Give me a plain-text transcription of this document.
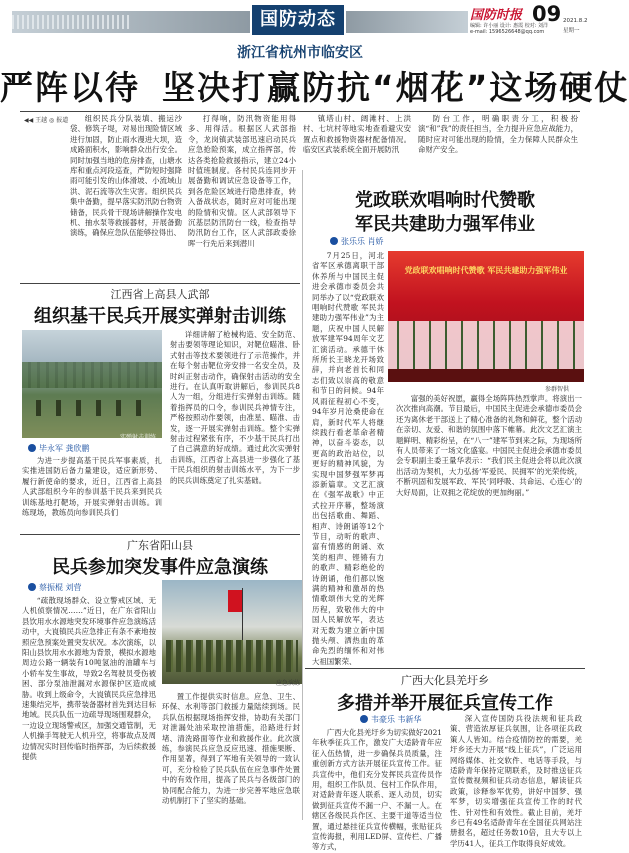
国防动态	国防时报 09 2021.8.2
星期一
编辑: 许小丽 设计: 惠霞 校对: 刘洋
e-mail: 1596526648@qq.com
浙江省杭州市临安区
严阵以待 坚决打赢防抗“烟花”这场硬仗
◀◀ 王越 ◎ 报道	组织民兵分队装填、搬运沙袋、修筑子堤，对易出现险情区域进行加固，防止雨水漫进大坝，造成路面积水，影响群众出行安全。同时加强当地的危房排查，山塘水库和重点河段巡查，严防短时强降雨可能引发的山体滑坡、小流域山洪、泥石流等次生灾害。组织民兵集中备勤，提早落实防汛防台物资储备，民兵骨干现场讲解操作发电机、抽水泵等救援器材，开展备勤演练，确保应急队伍能够拉得出、

打得响，防汛物资能用得多、用得活。根据区人武部指令，龙岗镇武装部迅速启动民兵应急抢险预案，成立指挥部，传达各类抢险救援指示，建立24小时值班制度。各村民兵连同步开展备勤和调试应急设备等工作，到各危险区域进行隐患排查，转入备战状态，随时应对可能出现的险情和灾情。区人武部领导下沉基层防汛防台一线，检查指导防汛防台工作，区人武部政委徐晖一行先后来到潜川

镇塔山村、阔滩村、上洪村、七坑村等地实地查看避灾安置点和救援物资器材配备情况。临安区武装系统全面开展防汛

防台工作，明确职责分工，积极扮演“和”我”的责任担当，全力提升应急应战能力，随时应对可能出现的险情，全力保障人民群众生命财产安全。

党政联欢唱响时代赞歌
军民共建助力强军伟业
张乐乐 肖娇
党政联欢唱响时代赞歌 军民共建助力强军伟业
参群智供

7月25日，河北省军区承德离职干部休养所与中国民主促进会承德市委员会共同举办了以“党政联欢唱响时代赞歌 军民共建助力强军伟业”为主题，庆祝中国人民解放军建军94周年文艺汇演活动。承德干休所所长王晓龙开场致辞，并向老首长和同志们致以崇高的敬意和节日的问候。94年风雨征程初心不变，94年岁月沧桑使命在肩，新时代军人将继续践行看老革命者精神，以奋斗姿态，以更高的政治站位，以更好的精神风貌，为实现中国梦强军梦再添新篇章。文艺汇演在《强军战歌》中正式拉开序幕，整场演出包括歌曲、舞蹈、相声、诗朗诵等12个节目，动听的歌声、富有情感的朗诵、欢笑的相声、铿锵有力的歌声、精彩绝伦的诗朗诵，他们都以饱满的精神和激昂的热情歌颂伟大党的光辉历程，致敬伟大的中国人民解放军，表达对无数为建立新中国抛头颅、洒热血的革命先烈的缅怀和对伟大祖国繁荣、

富强的美好祝愿，赢得全场阵阵热烈掌声。将演出一次次推向高潮。节目最后，中国民主促进会承德市委员会还为离休老干部送上了精心准备的礼物和鲜花，整个活动在亲切、友爱、和谐的氛围中落下帷幕。此次文艺汇演主题鲜明、精彩纷呈，在“八一”建军节到来之际，为现场所有人员带来了一场文化盛宴。中国民主促进会承德市委员会专职副主委王量华表示：“我们民主促进会将以此次演出活动为契机，大力弘扬‘军爱民、民拥军’的光荣传统，不断巩固和发展军政、军民‘同呼吸、共命运、心连心’的大好局面，让双拥之花绽放的更加绚丽。”

江西省上高县人武部
组织基干民兵开展实弹射击训练
实弹射击训练
毕永军 龚欣鹏

为进一步提高基干民兵军事素质，扎实推进国防后备力量建设，适应新形势、履行新使命的要求，近日，江西省上高县人武部组织今年的参训基干民兵来到民兵训练基地打靶场，开展实弹射击训练。训练现场，教练员向参训民兵们

详细讲解了枪械构造、安全防范、射击要领等理论知识，对靶位瞄准、卧式射击等技术要领进行了示范操作，并在每个射击靶位旁安排一名安全员，及时纠正射击动作，确保射击活动的安全进行。在认真听取讲解后，参训民兵8人为一组，分组进行实弹射击训练。随着指挥员的口令，参训民兵神情专注，严格按照动作要领，由准星、瞄准、击发，逐一开展实弹射击训练。整个实弹射击过程紧张有序，不少基干民兵打出了自己满意的好成绩。通过此次实弹射击训练，江西省上高县进一步强化了基干民兵组织的射击训练水平，为下一步的民兵训练奠定了扎实基础。

广东省阳山县
民兵参加突发事件应急演练
蔡振棍 刘营

“疏散现场群众、设立警戒区域、无人机侦察情况……”近日，在广东省阳山县饮用水水源地突发环境事件应急演练活动中，大崀镇民兵应急排正有条不紊地按照应急预案处置突发状况。本次演练，以阳山县饮用水水源地为背景，模拟水源地周边公路一辆装有10吨氢油的油罐车与小轿车发生事故，导致2名驾驶员受伤被困、部分泵油泄漏对水源保护区造成威胁。收到上级命令，大崀镇民兵应急排迅速集结完毕，携带装备器材首先到达目标地域。民兵队伍一边疏导现场围观群众，一边设立现场警戒区，加强交通管制，无人机操手驾驶无人机升空，将事故点及周边情况实时回传临时指挥部，为后续救援提供

应急演练

置工作提供实时信息。应急、卫生、环保、水利等部门救援力量陆续到场。民兵队伍根据现场指挥安排，协助有关部门对泄漏处油采取控油措施，沿路进行封堵、清洗路面等作业和救援作业。此次演练，参演民兵应急反应迅速、措施果断、作用显著，得到了军地有关领导的一致认可，充分检验了民兵队伍在应急事件处置中的有效作用，提高了民兵与各级部门的协同配合能力，为进一步完善军地应急联动机制打下了坚实的基础。

广西大化县羌圩乡
多措并举开展征兵宣传工作
韦豪乐 韦新华

广西大化县羌圩乡为切实做好2021年秋季征兵工作，激发广大适龄青年应征入伍热情，进一步确保兵员质量，注重创新方式方法开展征兵宣传工作。征兵宣传中，他们充分发挥民兵宣传员作用，组织工作队员、包村工作队作用，对适龄青年逐人联系、逐人动员，切实做到征兵宣传不漏一户、不漏一人。在辖区各级民兵作区、主要干道等适当位置，通过悬挂征兵宣传横幅，张贴征兵宣传海报，利用LED屏、宣传栏、广播等方式，

深入宣传国防兵役法规和征兵政策、营造浓厚征兵氛围，让各项征兵政策人人皆知。结合疫情防控的需要，羌圩乡还大力开展“线上征兵”，广泛运用网络媒体、社交软件、电话等手段，与适龄青年保持定期联系，及时推送征兵宣传微视频和征兵动态信息，解读征兵政策，诊释参军优势，讲好中国梦、强军梦，切实增强征兵宣传工作的时代性、针对性和有效性。截止目前，羌圩乡已有49名适龄青年在全国征兵网站注册报名，超过任务数10倍，且大专以上学历41人，征兵工作取得良好成效。
